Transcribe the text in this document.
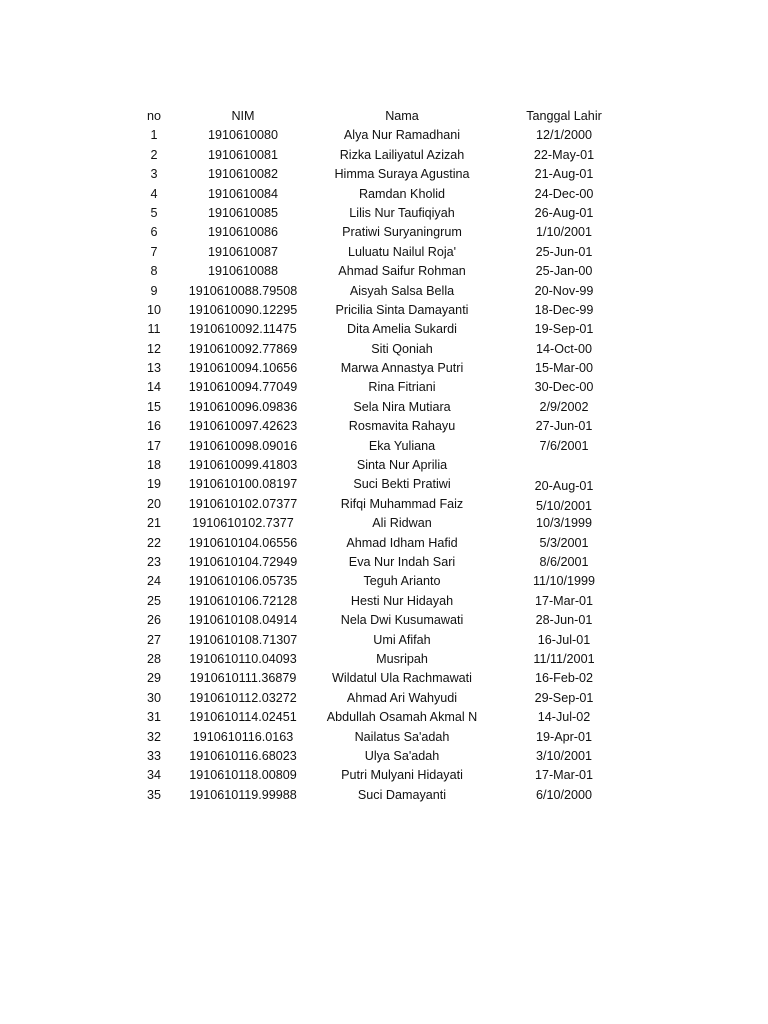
no	NIM	Nama	Tanggal Lahir
1	1910610080	Alya Nur Ramadhani	12/1/2000
2	1910610081	Rizka Lailiyatul Azizah	22-May-01
3	1910610082	Himma Suraya Agustina	21-Aug-01
4	1910610084	Ramdan Kholid	24-Dec-00
5	1910610085	Lilis Nur Taufiqiyah	26-Aug-01
6	1910610086	Pratiwi Suryaningrum	1/10/2001
7	1910610087	Luluatu Nailul Roja'	25-Jun-01
8	1910610088	Ahmad Saifur Rohman	25-Jan-00
9 1910610088.79508	Aisyah Salsa Bella	20-Nov-99
10 1910610090.12295	Pricilia Sinta Damayanti	18-Dec-99
11 1910610092.11475	Dita Amelia Sukardi	19-Sep-01
12 1910610092.77869	Siti Qoniah	14-Oct-00
13 1910610094.10656	Marwa Annastya Putri	15-Mar-00
14 1910610094.77049	Rina Fitriani	30-Dec-00
15 1910610096.09836	Sela Nira Mutiara	2/9/2002
16 1910610097.42623	Rosmavita Rahayu	27-Jun-01
17 1910610098.09016	Eka Yuliana	7/6/2001
18 1910610099.41803	Sinta Nur Aprilia
19 1910610100.08197	Suci Bekti Pratiwi	20-Aug-01
20 1910610102.07377	Rifqi Muhammad Faiz	5/10/2001
21 1910610102.7377	Ali Ridwan	10/3/1999
22 1910610104.06556	Ahmad Idham Hafid	5/3/2001
23 1910610104.72949	Eva Nur Indah Sari	8/6/2001
24 1910610106.05735	Teguh Arianto	11/10/1999
25 1910610106.72128	Hesti Nur Hidayah	17-Mar-01
26 1910610108.04914	Nela Dwi Kusumawati	28-Jun-01
27 1910610108.71307	Umi Afifah	16-Jul-01
28 1910610110.04093	Musripah	11/11/2001
29 1910610111.36879	Wildatul Ula Rachmawati	16-Feb-02
30 1910610112.03272	Ahmad Ari Wahyudi	29-Sep-01
31 1910610114.02451 Abdullah Osamah Akmal N	14-Jul-02
32	1910610116.0163	Nailatus Sa'adah	19-Apr-01
33 1910610116.68023	Ulya Sa'adah	3/10/2001
34 1910610118.00809	Putri Mulyani Hidayati	17-Mar-01
35 1910610119.99988	Suci Damayanti	6/10/2000
